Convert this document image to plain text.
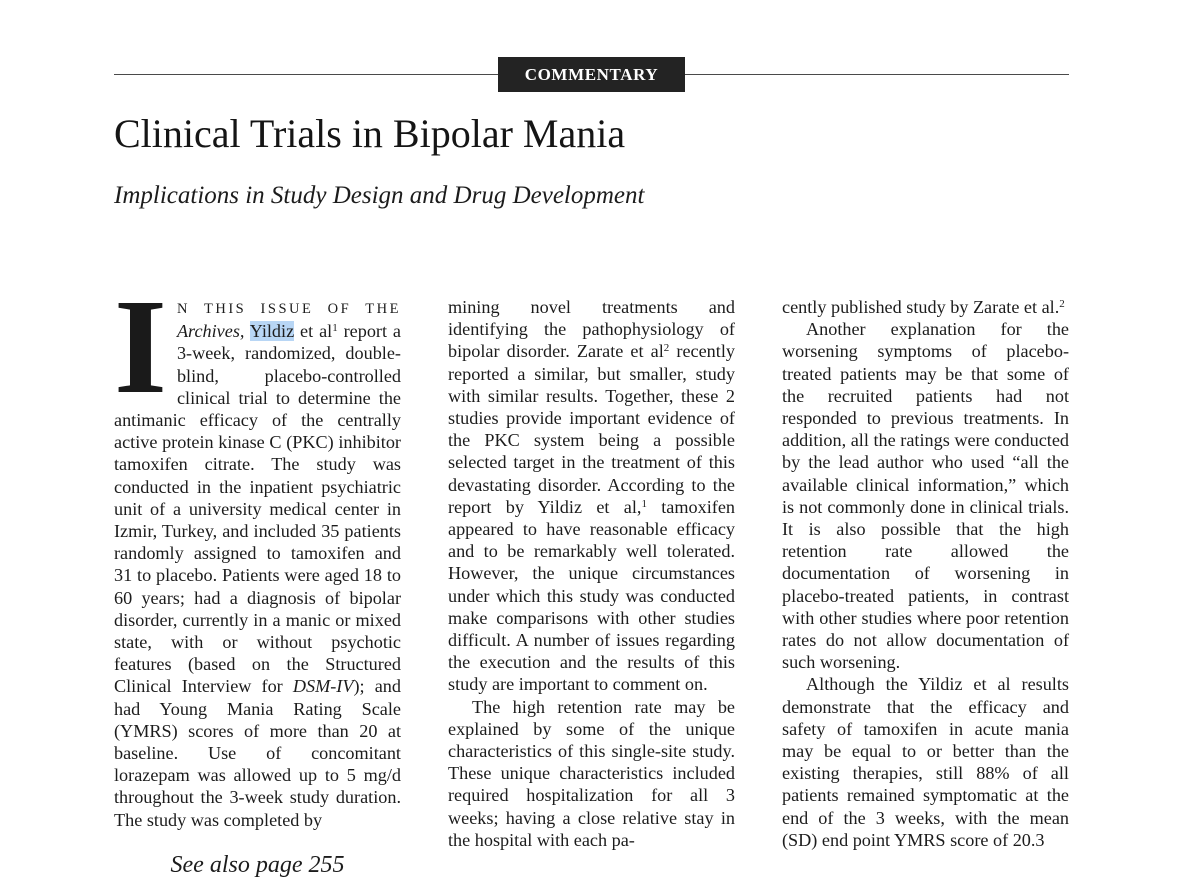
COMMENTARY
Clinical Trials in Bipolar Mania
Implications in Study Design and Drug Development

I N THIS ISSUE OF THE Archives, Yildiz et $al^1$ report a 3-week, randomized, double-blind, placebo-controlled clinical trial to determine the antimanic efficacy of the centrally active protein kinase C (PKC) inhibitor tamoxifen citrate. The study was conducted in the inpatient psychiatric unit of a university medical center in Izmir, Turkey, and included 35 patients randomly assigned to tamoxifen and 31 to placebo. Patients were aged 18 to 60 years; had a diagnosis of bipolar disorder, currently in a manic or mixed state, with or without psychotic features (based on the Structured Clinical Interview for DSM-IV); and had Young Mania Rating Scale (YMRS) scores of more than 20 at baseline. Use of concomitant lorazepam was allowed up to 5 mg/d throughout the 3-week study duration. The study was completed by

See also page 255

mining novel treatments and identifying the pathophysiology of bipolar disorder. Zarate et $al^2$ recently reported a similar, but smaller, study with similar results. Together, these 2 studies provide important evidence of the PKC system being a possible selected target in the treatment of this devastating disorder. According to the report by Yildiz et al,$^1$ tamoxifen appeared to have reasonable efficacy and to be remarkably well tolerated. However, the unique circumstances under which this study was conducted make comparisons with other studies difficult. A number of issues regarding the execution and the results of this study are important to comment on.

The high retention rate may be explained by some of the unique characteristics of this single-site study. These unique characteristics included required hospitalization for all 3 weeks; having a close relative stay in the hospital with each pa-

cently published study by Zarate et al.$^2$

Another explanation for the worsening symptoms of placebo-treated patients may be that some of the recruited patients had not responded to previous treatments. In addition, all the ratings were conducted by the lead author who used “all the available clinical information,” which is not commonly done in clinical trials. It is also possible that the high retention rate allowed the documentation of worsening in placebo-treated patients, in contrast with other studies where poor retention rates do not allow documentation of such worsening.

Although the Yildiz et al results demonstrate that the efficacy and safety of tamoxifen in acute mania may be equal to or better than the existing therapies, still 88% of all patients remained symptomatic at the end of the 3 weeks, with the mean (SD) end point YMRS score of 20.3
